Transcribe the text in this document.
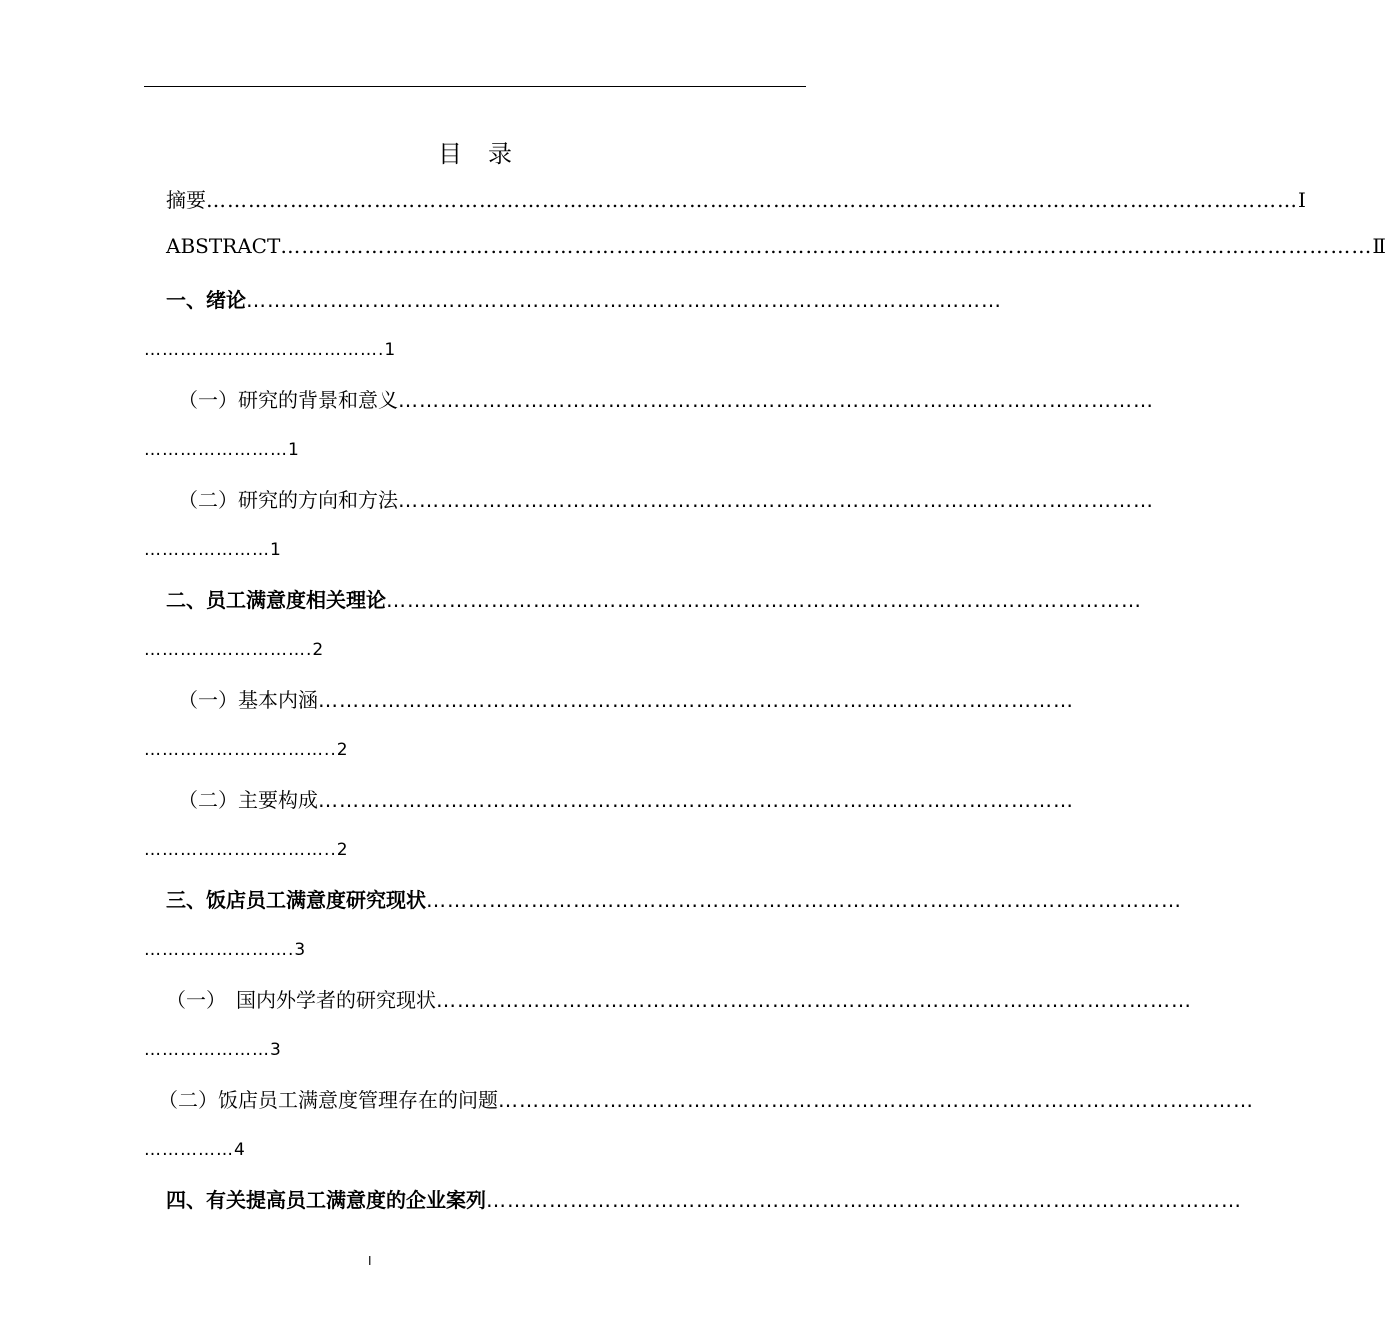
目 录
摘要 ………………………………………………………………………………………………………………………………………… Ⅰ
ABSTRACT ………………………………………………………………………………………………………………………………………… Ⅱ
一、绪论 ………………………………………………………………………………………………
………………………………….1
（一）研究的背景和意义 ………………………………………………………………………………………………
……………………1
（二）研究的方向和方法 ………………………………………………………………………………………………
…………………1
二、员工满意度相关理论 ………………………………………………………………………………………………
……………………….2
（一）基本内涵 ………………………………………………………………………………………………
…………………………..2
（二）主要构成 ………………………………………………………………………………………………
…………………………..2
三、饭店员工满意度研究现状 ………………………………………………………………………………………………
…………………….3
（一）　国内外学者的研究现状 ………………………………………………………………………………………………
…………………3
（二）饭店员工满意度管理存在的问题 ………………………………………………………………………………………………
……………4
四、有关提高员工满意度的企业案列 ………………………………………………………………………………………………
I
